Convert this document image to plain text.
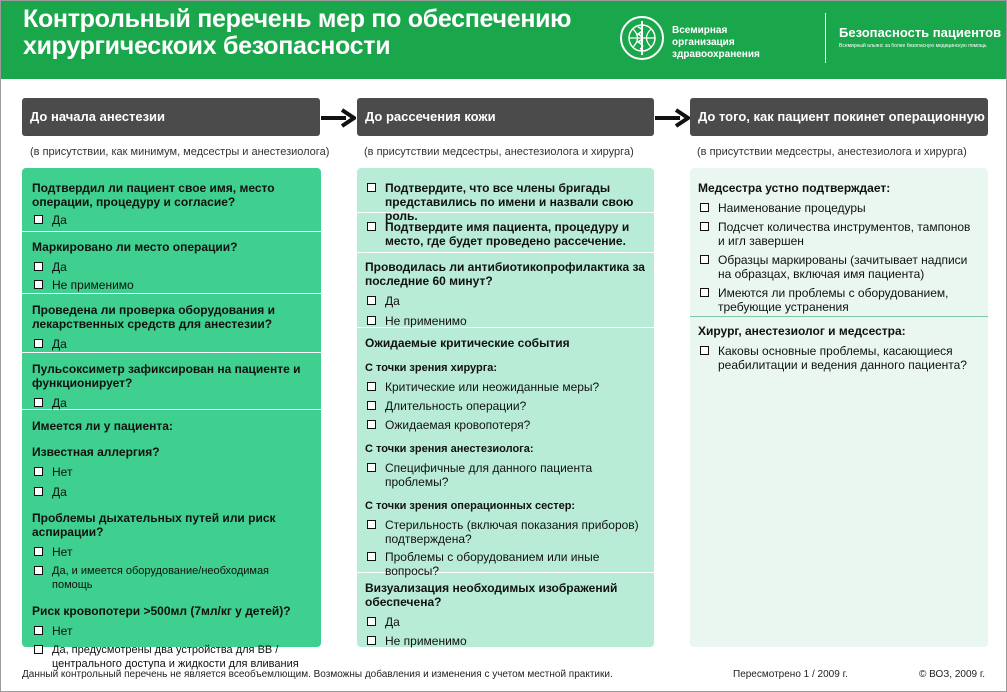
Контрольный перечень мер по обеспечению
хирургическоих безопасности
Всемирная
организация здравоохранения
Безопасность пациентов
Всемирный альянс за более безопасную медицинскую помощь
До начала анестезии	До рассечения кожи	До того, как пациент покинет операционную
(в присутствии, как минимум, медсестры и анестезиолога)	(в присутствии медсестры, анестезиолога и хирурга)	(в присутствии медсестры, анестезиолога и хирурга)
Подтвердил ли пациент свое имя, место операции, процедуру и согласие?
Да
Маркировано ли место операции?
Да
Не применимо
Проведена ли проверка оборудования и лекарственных средств для анестезии?
Да
Пульсоксиметр зафиксирован на пациенте и функционирует?
Да
Имеется ли у пациента:
Известная аллергия?
Нет
Да
Проблемы дыхательных путей или риск аспирации?
Нет
Да, и имеется оборудование/необходимая помощь
Риск кровопотери >500мл (7мл/кг у детей)?
Нет
Да, предусмотрены два устройства для ВВ / центрального доступа и жидкости для вливания
Подтвердите, что все члены бригады представились по имени и назвали свою роль.
Подтвердите имя пациента, процедуру и место, где будет проведено рассечение.
Проводилась ли антибиотикопрофилактика за последние 60 минут?
Да
Не применимо
Ожидаемые критические события
С точки зрения хирурга:
Критические или неожиданные меры?
Длительность операции?
Ожидаемая кровопотеря?
С точки зрения анестезиолога:
Специфичные для данного пациента проблемы?
С точки зрения операционных сестер:
Стерильность (включая показания приборов) подтверждена?
Проблемы с оборудованием или иные вопросы?
Визуализация необходимых изображений обеспечена?
Да
Не применимо
Медсестра устно подтверждает:
Наименование процедуры
Подсчет количества инструментов, тампонов и игл завершен
Образцы маркированы (зачитывает надписи на образцах, включая имя пациента)
Имеются ли проблемы с оборудованием, требующие устранения
Хирург, анестезиолог и медсестра:
Каковы основные проблемы, касающиеся реабилитации и ведения данного пациента?
Данный контрольный перечень не является всеобъемлющим. Возможны добавления и изменения с учетом местной практики.	Пересмотрено 1 / 2009 г.	© ВОЗ, 2009 г.
